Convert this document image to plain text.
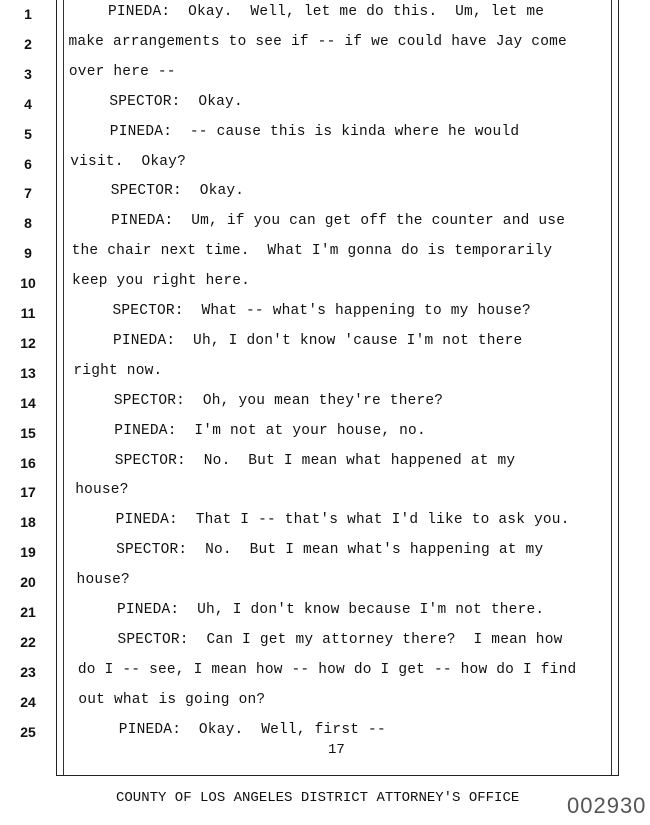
1	PINEDA:  Okay.  Well, let me do this.  Um, let me
2	make arrangements to see if -- if we could have Jay come
3	over here --
4	SPECTOR:  Okay.
5	PINEDA:  -- cause this is kinda where he would
6	visit.  Okay?
7	SPECTOR:  Okay.
8	PINEDA:  Um, if you can get off the counter and use
9	the chair next time.  What I'm gonna do is temporarily
10	keep you right here.
11	SPECTOR:  What -- what's happening to my house?
12	PINEDA:  Uh, I don't know 'cause I'm not there
13	right now.
14	SPECTOR:  Oh, you mean they're there?
15	PINEDA:  I'm not at your house, no.
16	SPECTOR:  No.  But I mean what happened at my
17	house?
18	PINEDA:  That I -- that's what I'd like to ask you.
19	SPECTOR:  No.  But I mean what's happening at my
20	house?
21	PINEDA:  Uh, I don't know because I'm not there.
22	SPECTOR:  Can I get my attorney there?  I mean how
23	do I -- see, I mean how -- how do I get -- how do I find
24	out what is going on?
25	PINEDA:  Okay.  Well, first --
17
COUNTY OF LOS ANGELES DISTRICT ATTORNEY'S OFFICE 002930
